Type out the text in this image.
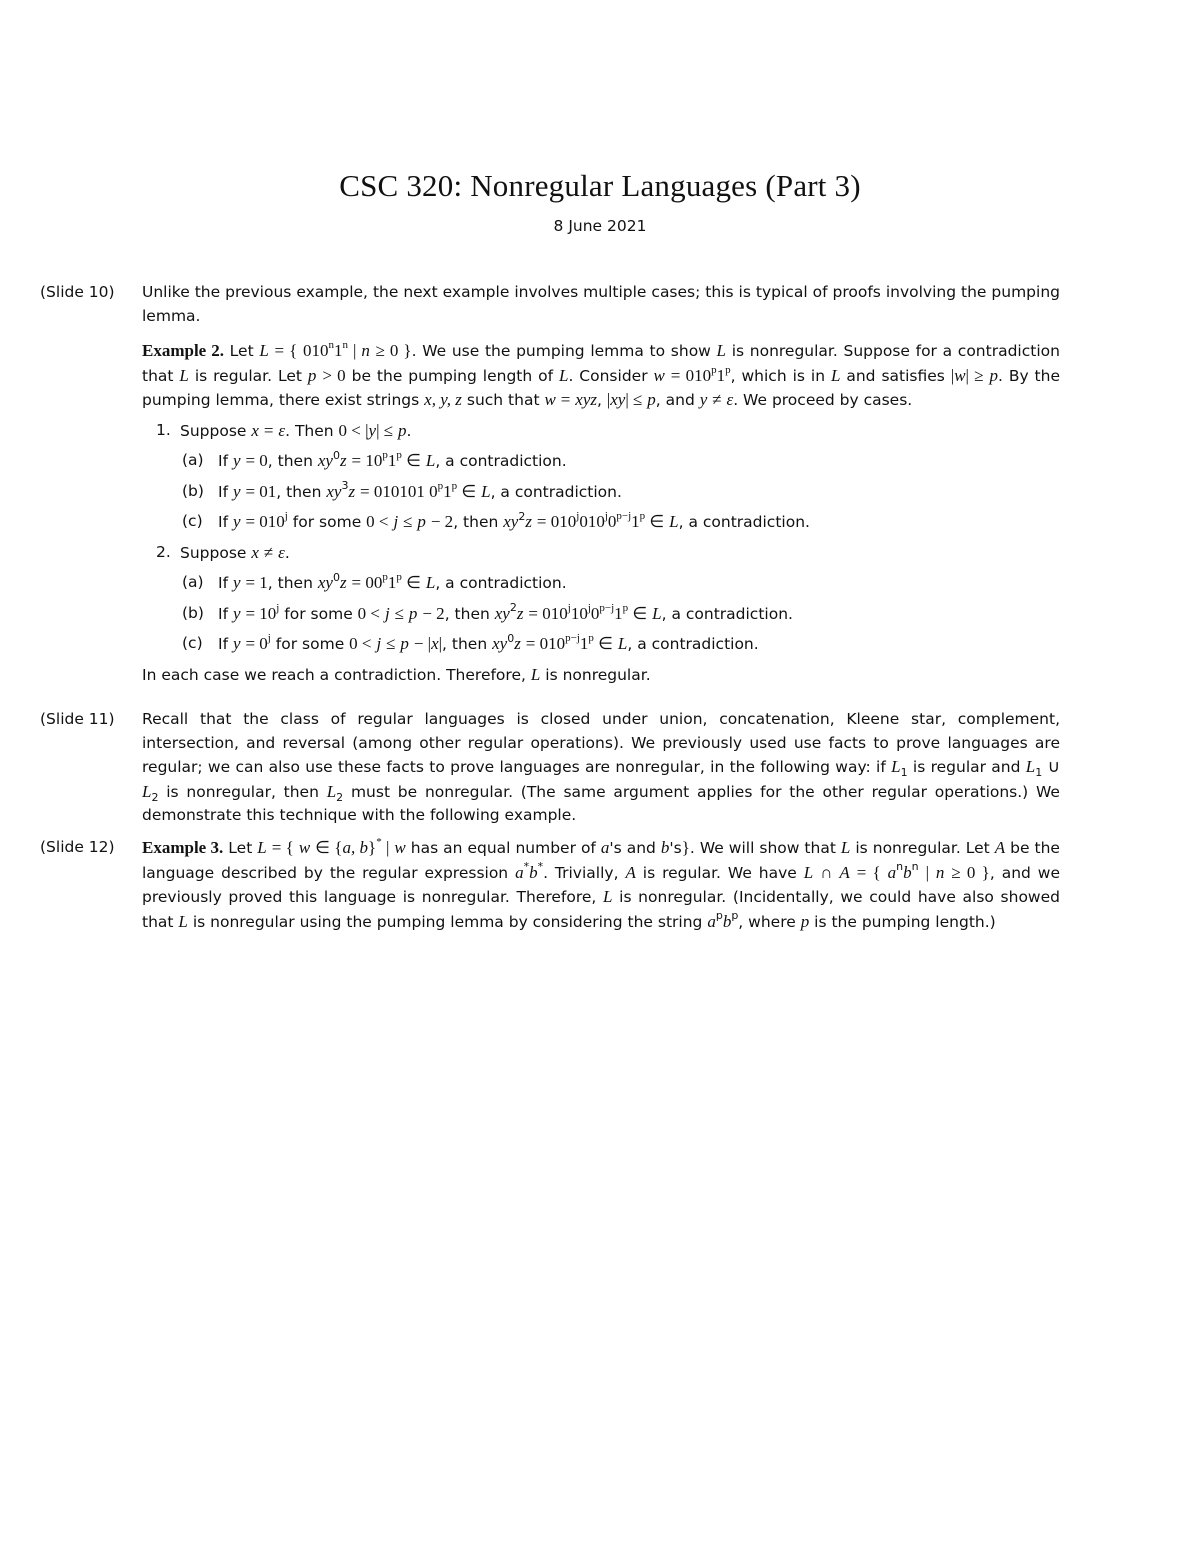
CSC 320: Nonregular Languages (Part 3)
8 June 2021
(Slide 10) Unlike the previous example, the next example involves multiple cases; this is typical of proofs involving the pumping lemma.

Example 2. Let L = { 010$^n$1$^n$ | n ≥ 0 }. We use the pumping lemma to show L is nonregular. Suppose for a contradiction that L is regular. Let p > 0 be the pumping length of L. Consider $w = 010^p1^p$, which is in L and satisfies |w| ≥ p. By the pumping lemma, there exist strings x, y, z such that w = xyz, |xy| ≤ p, and y ≠ ε. We proceed by cases.

1. Suppose x = ε. Then 0 < |y| ≤ p.
(a) If y = 0, then $xy^0z = 10^p1^p$ ∈ L, a contradiction.
(b) If y = 01, then $xy^3z = 010101$ 0$^p$1$^p$ ∈ L, a contradiction.
(c) If $y = 010^j$ for some 0 < j ≤ p − 2, then $xy^2z = 010^j010^j0^{p-j}1^p$ ∈ L, a contradiction.
2. Suppose x ≠ ε.
(a) If y = 1, then $xy^0z = 00^p1^p$ ∈ L, a contradiction.
(b) If $y = 10^j$ for some 0 < j ≤ p − 2, then $xy^2z = 010^j10^j0^{p-j}1^p$ ∈ L, a contradiction.
(c) If $y = 0^j$ for some 0 < j ≤ p − |x|, then $xy^0z = 010^{p-j}1^p$ ∈ L, a contradiction.

In each case we reach a contradiction. Therefore, L is nonregular.

(Slide 11) Recall that the class of regular languages is closed under union, concatenation, Kleene star, complement, intersection, and reversal (among other regular operations). We previously used use facts to prove languages are regular; we can also use these facts to prove languages are nonregular, in the following way: if $L_1$ is regular and $L_1$ ∪ $L_2$ is nonregular, then $L_2$ must be nonregular. (The same argument applies for the other regular operations.) We demonstrate this technique with the following example.

(Slide 12) Example 3. Let L = { w ∈ {a, b}* | w has an equal number of a's and b's}. We will show that L is nonregular. Let A be the language described by the regular expression a*b*. Trivially, A is regular. We have L ∩ A = { $a^nb^n$ | n ≥ 0 }, and we previously proved this language is nonregular. Therefore, L is nonregular. (Incidentally, we could have also showed that L is nonregular using the pumping lemma by considering the string $a^pb^p$, where p is the pumping length.)
